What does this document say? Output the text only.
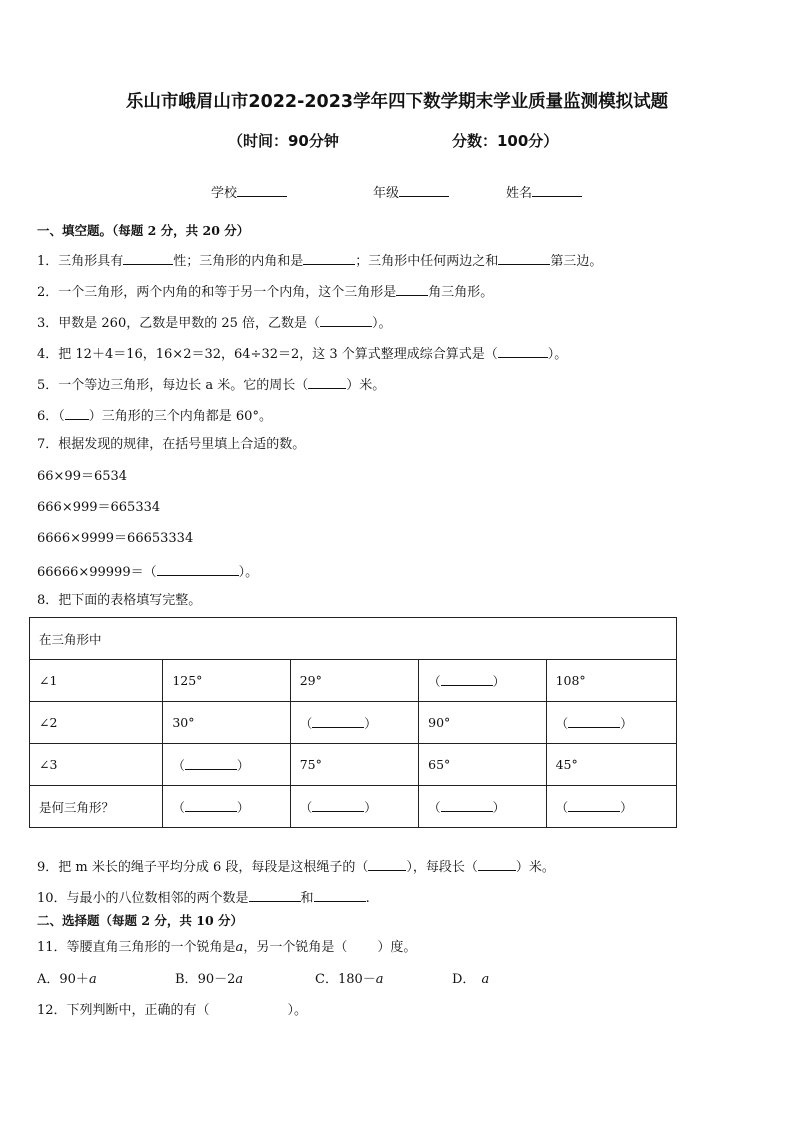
乐山市峨眉山市2022-2023学年四下数学期末学业质量监测模拟试题
（时间：90分钟	分数：100分）
学校	年级	姓名
一、填空题。（每题 2 分，共 20 分）
1．三角形具有	性；三角形的内角和是	；三角形中任何两边之和	第三边。
2．一个三角形，两个内角的和等于另一个内角，这个三角形是 角三角形。
3．甲数是 260，乙数是甲数的 25 倍，乙数是（	）。
4．把 12＋4＝16，16×2＝32，64÷32＝2，这 3 个算式整理成综合算式是（	）。
5．一个等边三角形，每边长 a 米。它的周长（	）米。
6．（ ）三角形的三个内角都是 60°。
7．根据发现的规律，在括号里填上合适的数。
66×99＝6534
666×999＝665334
6666×9999＝66653334
66666×99999＝（	）。
8．把下面的表格填写完整。
在三角形中				
∠1	125°	29°	（ ）	108°
∠2	30°	（ ）	90°	（ ）
∠3	（ ）	75°	65°	45°
是何三角形？	（ ）	（ ）	（ ）	（ ）
9．把 m 米长的绳子平均分成 6 段，每段是这根绳子的（	），每段长（	）米。
10．与最小的八位数相邻的两个数是	和	.
二、选择题（每题 2 分，共 10 分）
11．等腰直角三角形的一个锐角是a，另一个锐角是（ ）度。
A．90＋a	B．90－2a	C．180－a	D． a
12．下列判断中，正确的有（	）。
